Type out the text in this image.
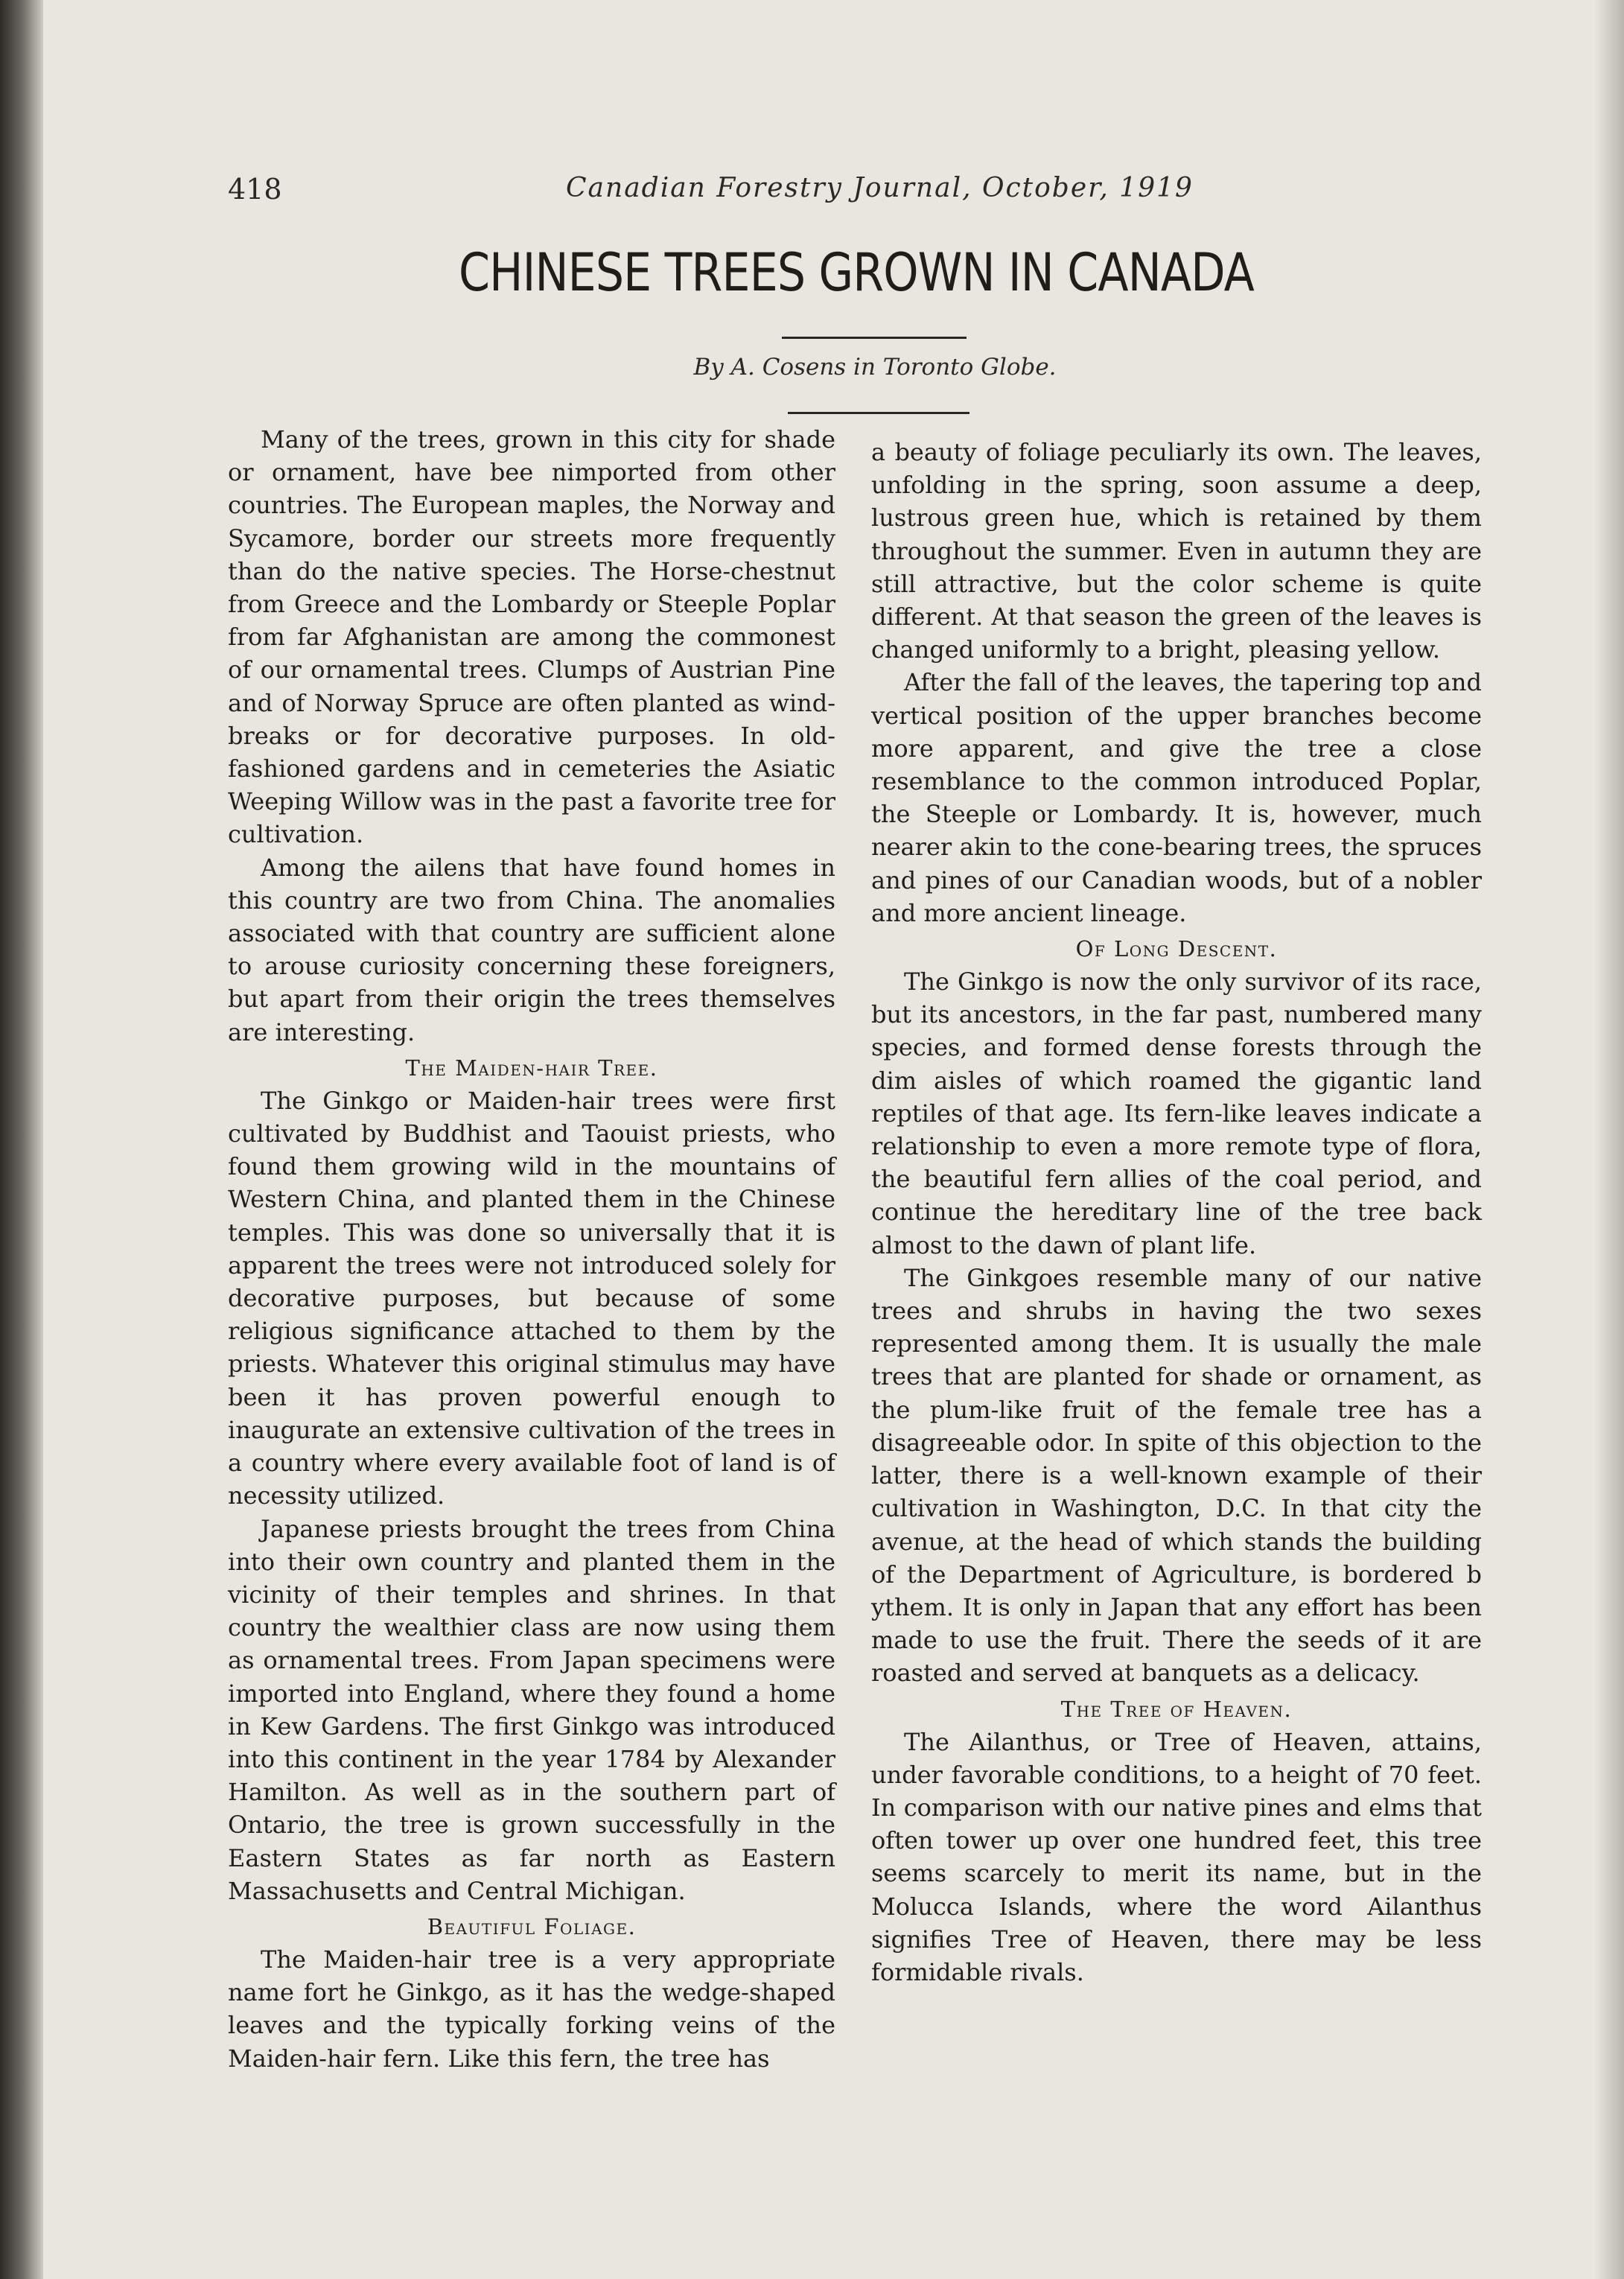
418	Canadian Forestry Journal, October, 1919
CHINESE TREES GROWN IN CANADA
By A. Cosens in Toronto Globe.

Many of the trees, grown in this city for shade or ornament, have bee nimported from other countries. The European maples, the Norway and Sycamore, border our streets more frequently than do the native species. The Horse-chestnut from Greece and the Lombardy or Steeple Poplar from far Afghanistan are among the commonest of our ornamental trees. Clumps of Austrian Pine and of Norway Spruce are often planted as wind-breaks or for decorative purposes. In old-fashioned gardens and in cemeteries the Asiatic Weeping Willow was in the past a favorite tree for cultivation.

Among the ailens that have found homes in this country are two from China. The anomalies associated with that country are sufficient alone to arouse curiosity concerning these foreigners, but apart from their origin the trees themselves are interesting.

The Maiden-hair Tree.

The Ginkgo or Maiden-hair trees were first cultivated by Buddhist and Taouist priests, who found them growing wild in the mountains of Western China, and planted them in the Chinese temples. This was done so universally that it is apparent the trees were not introduced solely for decorative purposes, but because of some religious significance attached to them by the priests. Whatever this original stimulus may have been it has proven powerful enough to inaugurate an extensive cultivation of the trees in a country where every available foot of land is of necessity utilized.

Japanese priests brought the trees from China into their own country and planted them in the vicinity of their temples and shrines. In that country the wealthier class are now using them as ornamental trees. From Japan specimens were imported into England, where they found a home in Kew Gardens. The first Ginkgo was introduced into this continent in the year 1784 by Alexander Hamilton. As well as in the southern part of Ontario, the tree is grown successfully in the Eastern States as far north as Eastern Massachusetts and Central Michigan.

Beautiful Foliage.

The Maiden-hair tree is a very appropriate name fort he Ginkgo, as it has the wedge-shaped leaves and the typically forking veins of the Maiden-hair fern. Like this fern, the tree has

a beauty of foliage peculiarly its own. The leaves, unfolding in the spring, soon assume a deep, lustrous green hue, which is retained by them throughout the summer. Even in autumn they are still attractive, but the color scheme is quite different. At that season the green of the leaves is changed uniformly to a bright, pleasing yellow.

After the fall of the leaves, the tapering top and vertical position of the upper branches become more apparent, and give the tree a close resemblance to the common introduced Poplar, the Steeple or Lombardy. It is, however, much nearer akin to the cone-bearing trees, the spruces and pines of our Canadian woods, but of a nobler and more ancient lineage.

Of Long Descent.

The Ginkgo is now the only survivor of its race, but its ancestors, in the far past, numbered many species, and formed dense forests through the dim aisles of which roamed the gigantic land reptiles of that age. Its fern-like leaves indicate a relationship to even a more remote type of flora, the beautiful fern allies of the coal period, and continue the hereditary line of the tree back almost to the dawn of plant life.

The Ginkgoes resemble many of our native trees and shrubs in having the two sexes represented among them. It is usually the male trees that are planted for shade or ornament, as the plum-like fruit of the female tree has a disagreeable odor. In spite of this objection to the latter, there is a well-known example of their cultivation in Washington, D.C. In that city the avenue, at the head of which stands the building of the Department of Agriculture, is bordered b ythem. It is only in Japan that any effort has been made to use the fruit. There the seeds of it are roasted and served at banquets as a delicacy.

The Tree of Heaven.

The Ailanthus, or Tree of Heaven, attains, under favorable conditions, to a height of 70 feet. In comparison with our native pines and elms that often tower up over one hundred feet, this tree seems scarcely to merit its name, but in the Molucca Islands, where the word Ailanthus signifies Tree of Heaven, there may be less formidable rivals.
